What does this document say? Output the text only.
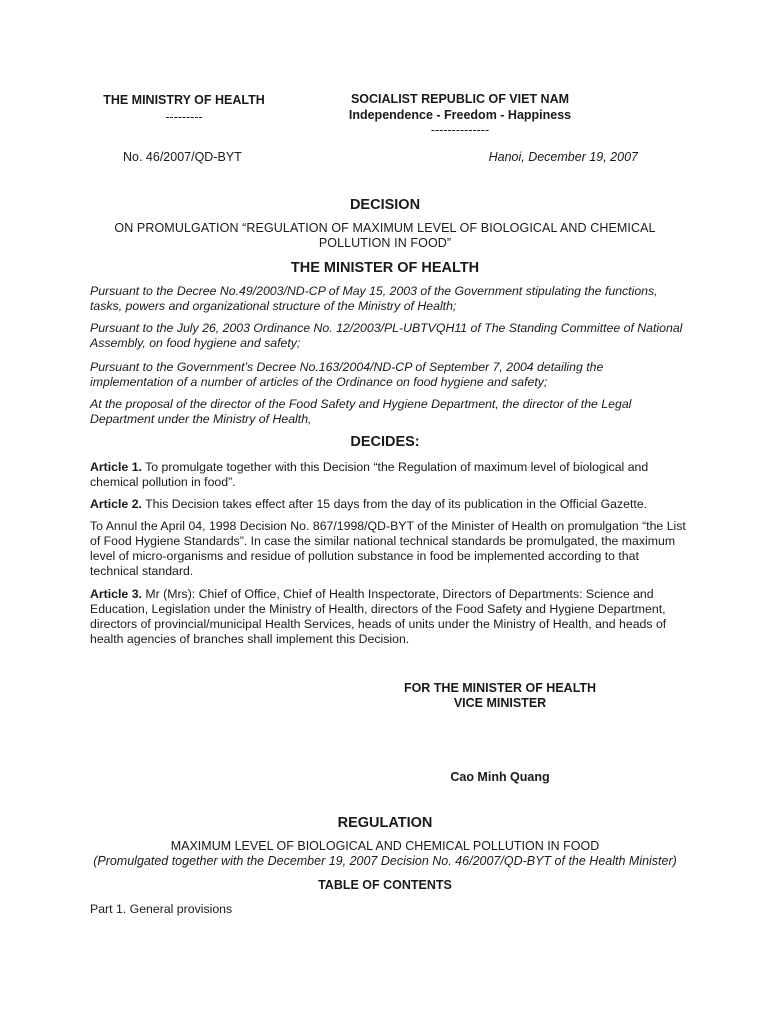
THE MINISTRY OF HEALTH
---------
SOCIALIST REPUBLIC OF VIET NAM
Independence - Freedom - Happiness
--------------
No. 46/2007/QD-BYT	Hanoi, December 19, 2007
DECISION
ON PROMULGATION “REGULATION OF MAXIMUM LEVEL OF BIOLOGICAL AND CHEMICAL
POLLUTION IN FOOD”
THE MINISTER OF HEALTH
Pursuant to the Decree No.49/2003/ND-CP of May 15, 2003 of the Government stipulating the functions, tasks, powers and organizational structure of the Ministry of Health;
Pursuant to the July 26, 2003 Ordinance No. 12/2003/PL-UBTVQH11 of The Standing Committee of National Assembly, on food hygiene and safety;
Pursuant to the Government’s Decree No.163/2004/ND-CP of September 7, 2004 detailing the implementation of a number of articles of the Ordinance on food hygiene and safety;
At the proposal of the director of the Food Safety and Hygiene Department, the director of the Legal Department under the Ministry of Health,
DECIDES:
Article 1. To promulgate together with this Decision “the Regulation of maximum level of biological and chemical pollution in food”.
Article 2. This Decision takes effect after 15 days from the day of its publication in the Official Gazette.
To Annul the April 04, 1998 Decision No. 867/1998/QD-BYT of the Minister of Health on promulgation “the List of Food Hygiene Standards”. In case the similar national technical standards be promulgated, the maximum level of micro-organisms and residue of pollution substance in food be implemented according to that technical standard.
Article 3. Mr (Mrs): Chief of Office, Chief of Health Inspectorate, Directors of Departments: Science and Education, Legislation under the Ministry of Health, directors of the Food Safety and Hygiene Department, directors of provincial/municipal Health Services, heads of units under the Ministry of Health, and heads of health agencies of branches shall implement this Decision.
FOR THE MINISTER OF HEALTH
VICE MINISTER
Cao Minh Quang
REGULATION
MAXIMUM LEVEL OF BIOLOGICAL AND CHEMICAL POLLUTION IN FOOD
(Promulgated together with the December 19, 2007 Decision No. 46/2007/QD-BYT of the Health Minister)
TABLE OF CONTENTS
Part 1. General provisions
